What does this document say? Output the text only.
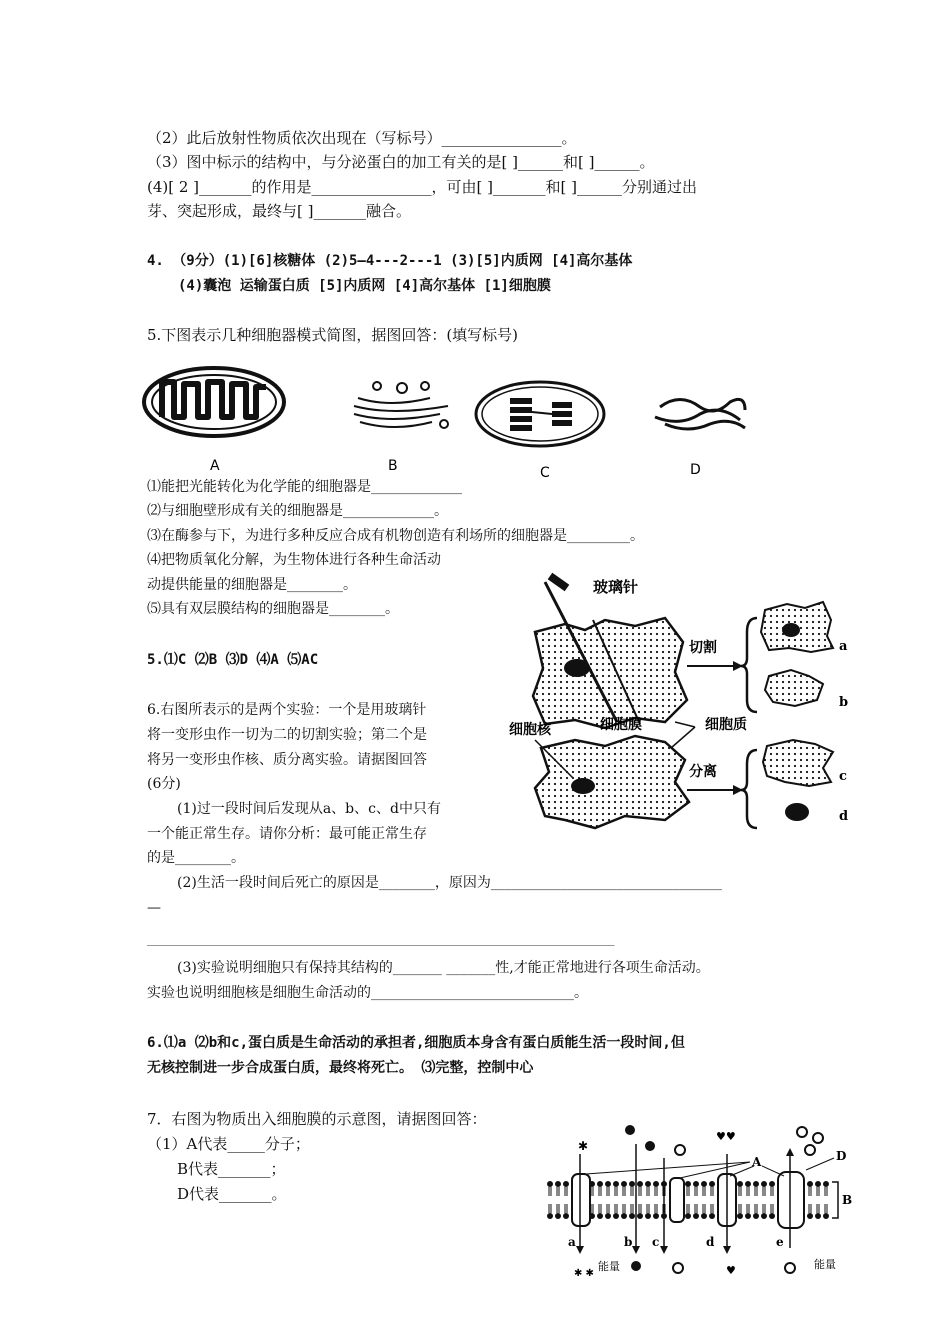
（2）此后放射性物质依次出现在（写标号）________________。
（3）图中标示的结构中，与分泌蛋白的加工有关的是[ ]______和[ ]______。
(4)[ 2 ]_______的作用是________________，可由[ ]_______和[ ]______分别通过出
芽、突起形成，最终与[ ]_______融合。
4. （9分）(1)[6]核糖体 (2)5—4---2---1 (3)[5]内质网 [4]高尔基体
(4)囊泡 运输蛋白质 [5]内质网 [4]高尔基体 [1]细胞膜
5.下图表示几种细胞器模式简图，据图回答：(填写标号)
A	B	C	D
⑴能把光能转化为化学能的细胞器是_____________
⑵与细胞壁形成有关的细胞器是_____________。
⑶在酶参与下，为进行多种反应合成有机物创造有利场所的细胞器是_________。
⑷把物质氧化分解，为生物体进行各种生命活动
动提供能量的细胞器是________。
⑸具有双层膜结构的细胞器是________。
5.⑴C ⑵B ⑶D ⑷A ⑸AC
玻璃针
细胞核	细胞膜	细胞质
切割	a
b
分离	c
d
6.右图所表示的是两个实验：一个是用玻璃针
将一变形虫作一切为二的切割实验；第二个是
将另一变形虫作核、质分离实验。请据图回答
(6分)
(1)过一段时间后发现从a、b、c、d中只有
一个能正常生存。请你分析：最可能正常生存
的是________。
(2)生活一段时间后死亡的原因是________，原因为_________________________________
—
_____________________________________________________________________________________
(3)实验说明细胞只有保持其结构的_______ _______性,才能正常地进行各项生命活动。
实验也说明细胞核是细胞生命活动的_____________________________。
6.⑴a ⑵b和c,蛋白质是生命活动的承担者,细胞质本身含有蛋白质能生活一段时间,但
无核控制进一步合成蛋白质，最终将死亡。 ⑶完整，控制中心
7．右图为物质出入细胞膜的示意图，请据图回答：
（1）A代表_____分子；
B代表_______；
D代表_______。	B
✱
♥♥
♥
A	D
a	b c	d	e
✱ ✱
能量	能量
